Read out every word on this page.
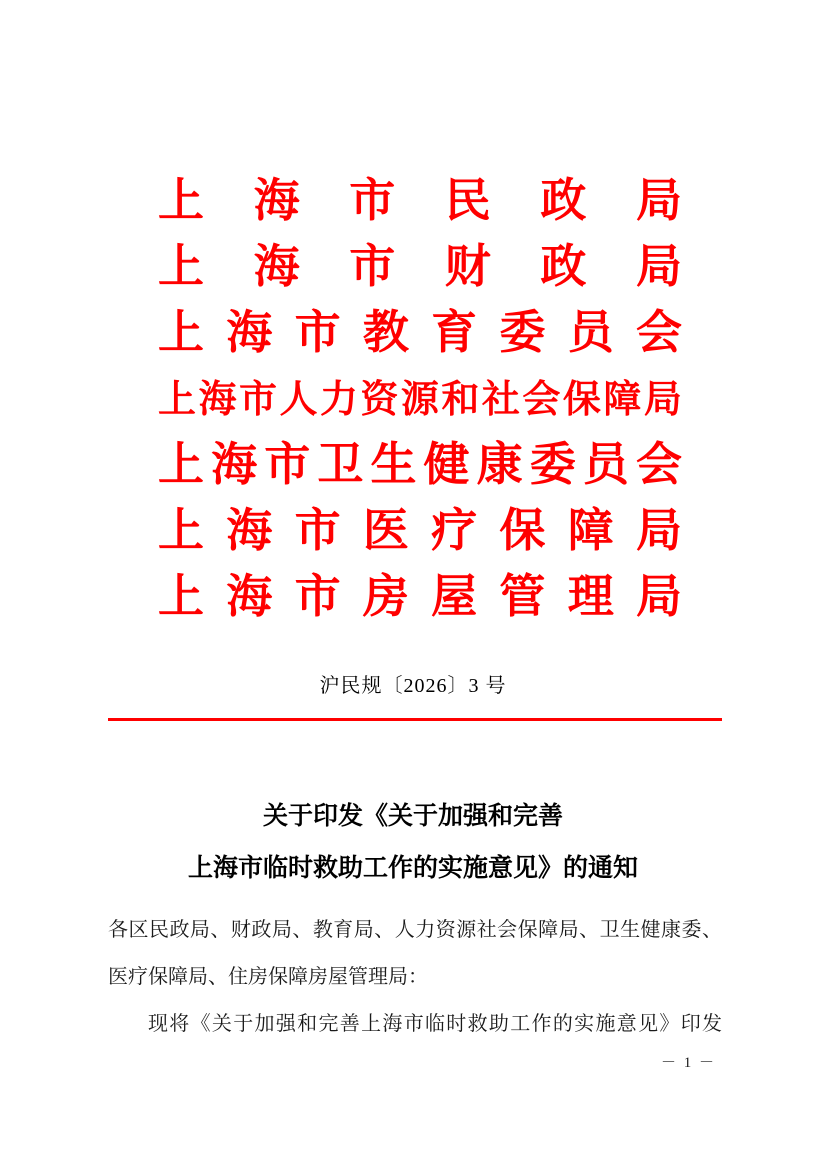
上 海 市 民 政 局
上 海 市 财 政 局
上 海 市 教 育 委 员 会
上 海 市 人 力 资 源 和 社 会 保 障 局
上 海 市 卫 生 健 康 委 员 会
上 海 市 医 疗 保 障 局
上 海 市 房 屋 管 理 局
沪民规〔2026〕3 号
关于印发《关于加强和完善
上海市临时救助工作的实施意见》的通知
各区民政局、财政局、教育局、人力资源社会保障局、卫生健康委、医疗保障局、住房保障房屋管理局：
现将《关于加强和完善上海市临时救助工作的实施意见》印发
－ 1 －
